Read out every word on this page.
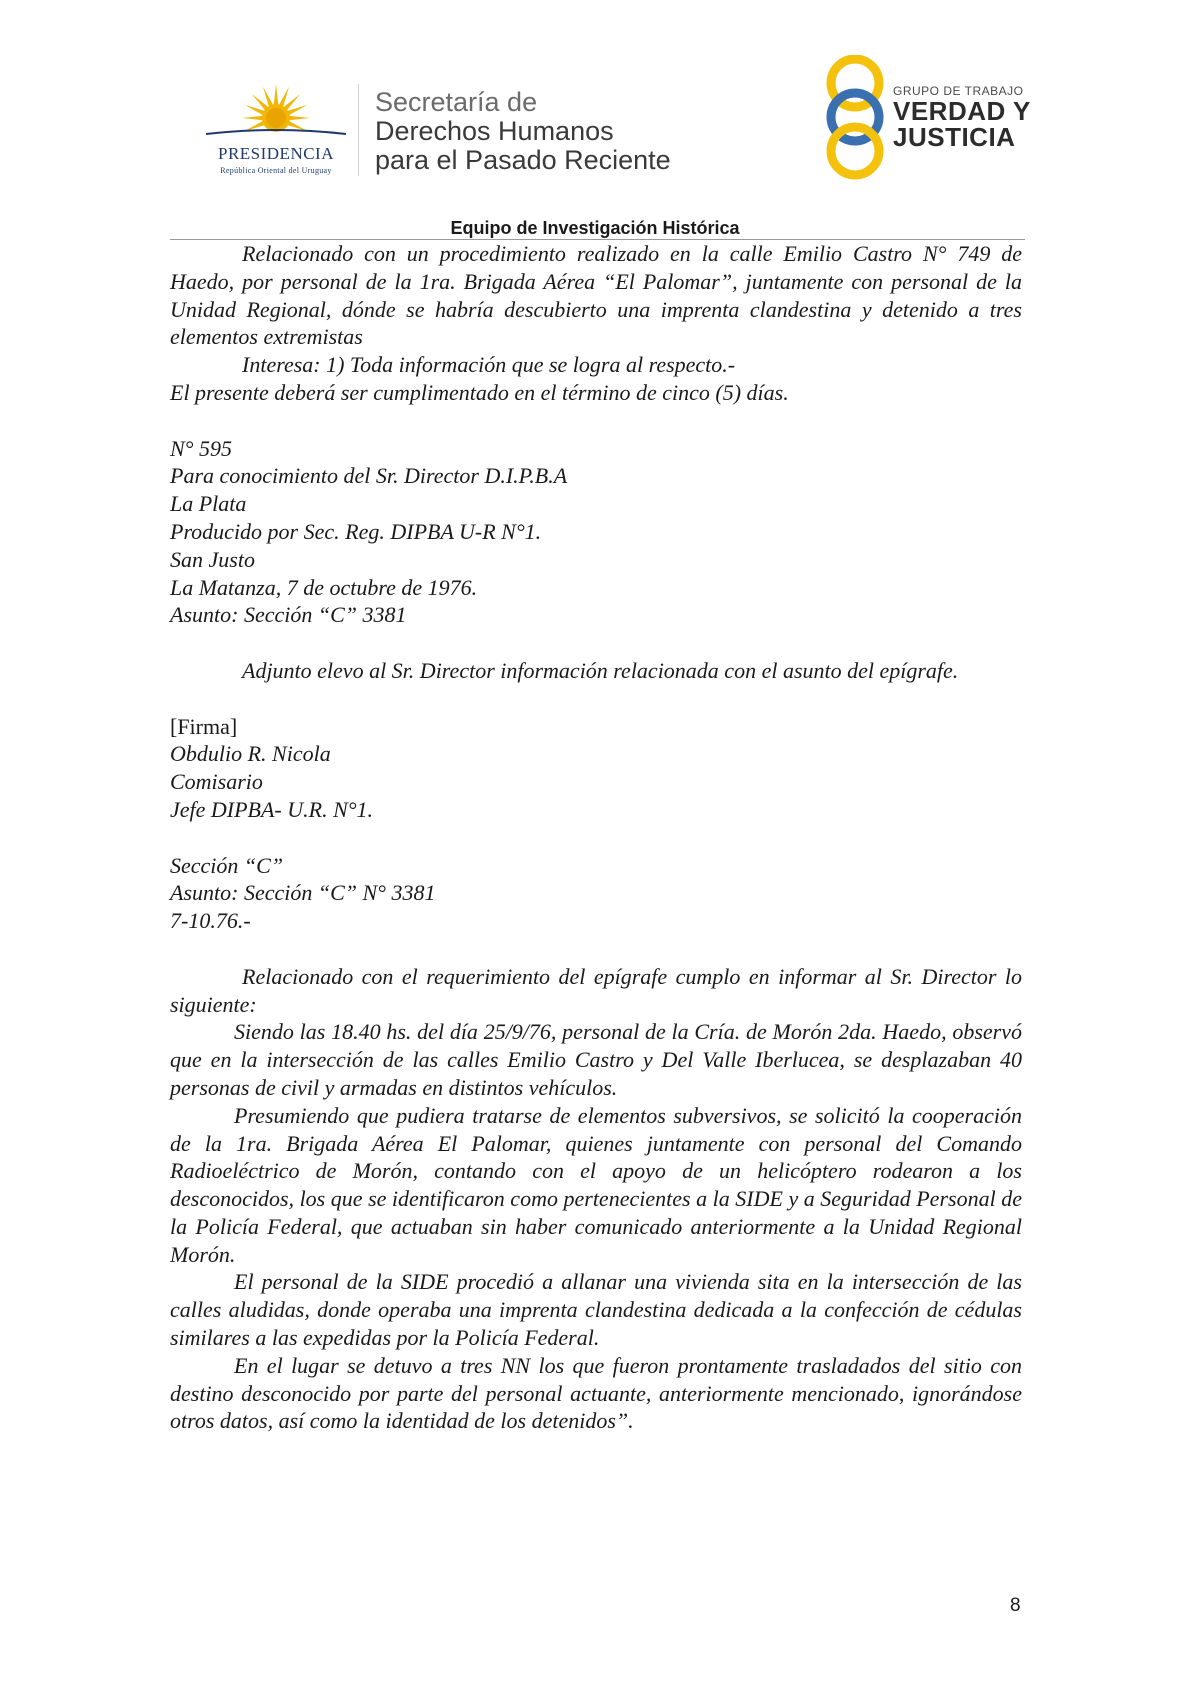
PRESIDENCIA
República Oriental del Uruguay
Secretaría de
Derechos Humanos
para el Pasado Reciente
GRUPO DE TRABAJO
VERDAD Y
JUSTICIA
Equipo de Investigación Histórica

Relacionado con un procedimiento realizado en la calle Emilio Castro N° 749 de Haedo, por personal de la 1ra. Brigada Aérea “El Palomar”, juntamente con personal de la Unidad Regional, dónde se habría descubierto una imprenta clandestina y detenido a tres elementos extremistas

Interesa: 1) Toda información que se logra al respecto.-

El presente deberá ser cumplimentado en el término de cinco (5) días.

N° 595
Para conocimiento del Sr. Director D.I.P.B.A
La Plata
Producido por Sec. Reg. DIPBA U-R N°1.
San Justo
La Matanza, 7 de octubre de 1976.
Asunto: Sección “C” 3381

Adjunto elevo al Sr. Director información relacionada con el asunto del epígrafe.

[Firma]
Obdulio R. Nicola
Comisario
Jefe DIPBA- U.R. N°1.
Sección “C”
Asunto: Sección “C” N° 3381
7-10.76.-

Relacionado con el requerimiento del epígrafe cumplo en informar al Sr. Director lo siguiente:

Siendo las 18.40 hs. del día 25/9/76, personal de la Cría. de Morón 2da. Haedo, observó que en la intersección de las calles Emilio Castro y Del Valle Iberlucea, se desplazaban 40 personas de civil y armadas en distintos vehículos.

Presumiendo que pudiera tratarse de elementos subversivos, se solicitó la cooperación de la 1ra. Brigada Aérea El Palomar, quienes juntamente con personal del Comando Radioeléctrico de Morón, contando con el apoyo de un helicóptero rodearon a los desconocidos, los que se identificaron como pertenecientes a la SIDE y a Seguridad Personal de la Policía Federal, que actuaban sin haber comunicado anteriormente a la Unidad Regional Morón.

El personal de la SIDE procedió a allanar una vivienda sita en la intersección de las calles aludidas, donde operaba una imprenta clandestina dedicada a la confección de cédulas similares a las expedidas por la Policía Federal.

En el lugar se detuvo a tres NN los que fueron prontamente trasladados del sitio con destino desconocido por parte del personal actuante, anteriormente mencionado, ignorándose otros datos, así como la identidad de los detenidos”.

8
